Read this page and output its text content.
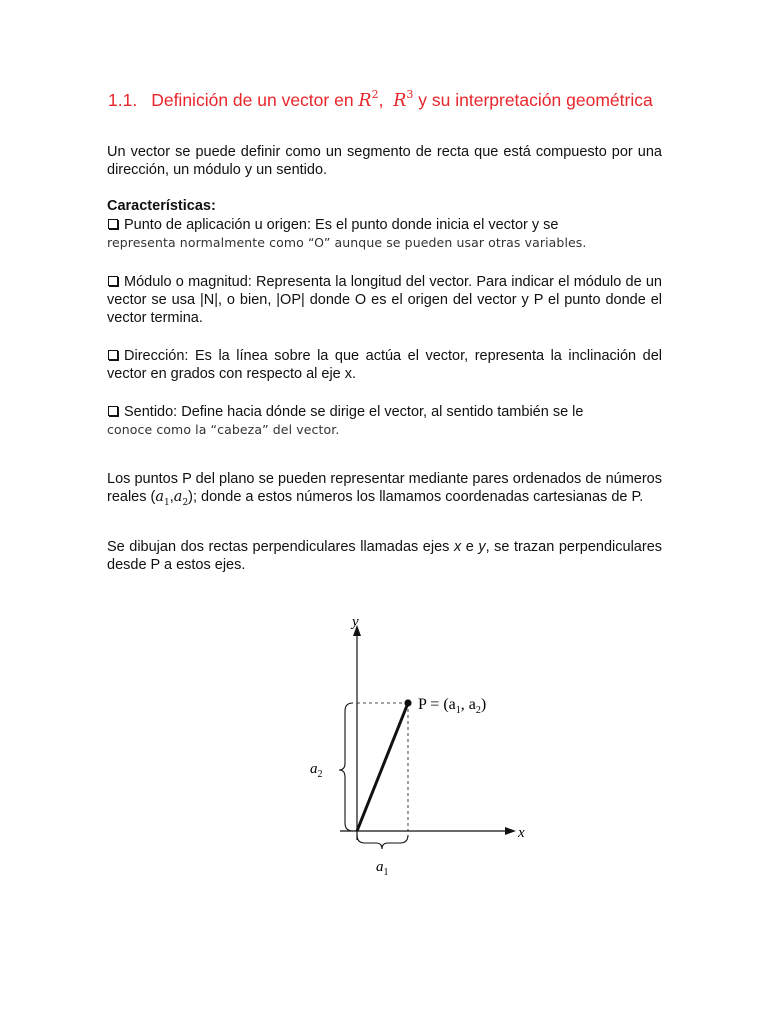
1.1. Definición de un vector en $R^2$, $R^3$ y su interpretación geométrica
Un vector se puede definir como un segmento de recta que está compuesto por una dirección, un módulo y un sentido.
Características:
Punto de aplicación u origen: Es el punto donde inicia el vector y se
representa normalmente como “O” aunque se pueden usar otras variables.
Módulo o magnitud: Representa la longitud del vector. Para indicar el módulo de un vector se usa |N|, o bien, |OP| donde O es el origen del vector y P el punto donde el vector termina.
Dirección: Es la línea sobre la que actúa el vector, representa la inclinación del vector en grados con respecto al eje x.
Sentido: Define hacia dónde se dirige el vector, al sentido también se le
conoce como la “cabeza” del vector.
Los puntos P del plano se pueden representar mediante pares ordenados de números reales $(a_1,a_2)$; donde a estos números los llamamos coordenadas cartesianas de P.
Se dibujan dos rectas perpendiculares llamadas ejes x e y, se trazan perpendiculares desde P a estos ejes.
y
x
$P = (a_1$, $a_2$)
$a_2$
$a_1$
